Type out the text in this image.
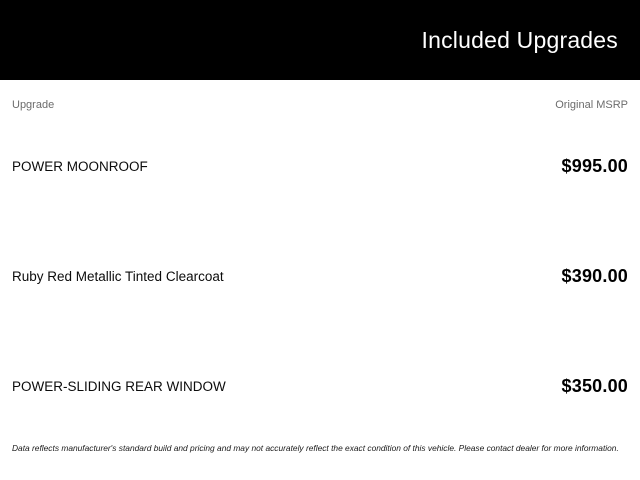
Included Upgrades
Upgrade	Original MSRP
POWER MOONROOF	$995.00
Ruby Red Metallic Tinted Clearcoat	$390.00
POWER-SLIDING REAR WINDOW	$350.00
Data reflects manufacturer's standard build and pricing and may not accurately reflect the exact condition of this vehicle. Please contact dealer for more information.
